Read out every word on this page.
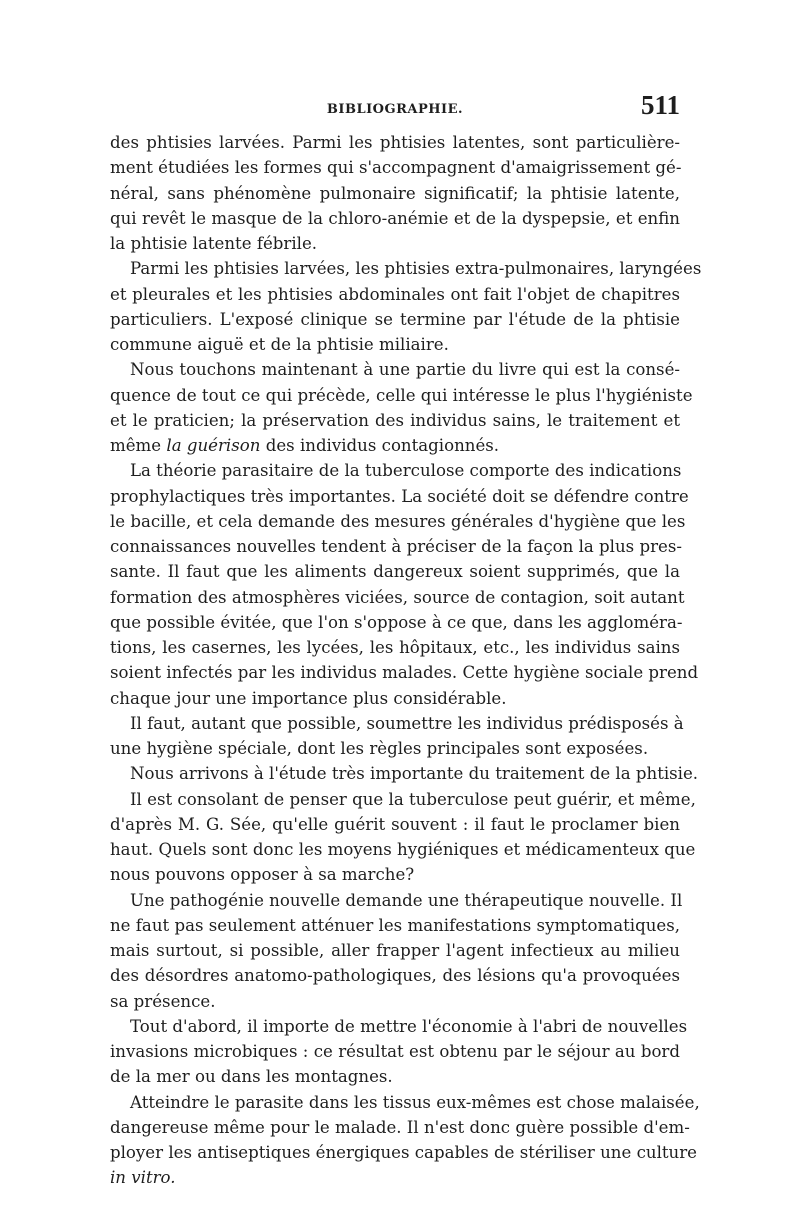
BIBLIOGRAPHIE.	511
des phtisies larvées. Parmi les phtisies latentes, sont particulière-
ment étudiées les formes qui s'accompagnent d'amaigrissement gé-
néral, sans phénomène pulmonaire significatif; la phtisie latente,
qui revêt le masque de la chloro-anémie et de la dyspepsie, et enfin
la phtisie latente fébrile.
Parmi les phtisies larvées, les phtisies extra-pulmonaires, laryngées
et pleurales et les phtisies abdominales ont fait l'objet de chapitres
particuliers. L'exposé clinique se termine par l'étude de la phtisie
commune aiguë et de la phtisie miliaire.
Nous touchons maintenant à une partie du livre qui est la consé-
quence de tout ce qui précède, celle qui intéresse le plus l'hygiéniste
et le praticien; la préservation des individus sains, le traitement et
même la guérison des individus contagionnés.
La théorie parasitaire de la tuberculose comporte des indications
prophylactiques très importantes. La société doit se défendre contre
le bacille, et cela demande des mesures générales d'hygiène que les
connaissances nouvelles tendent à préciser de la façon la plus pres-
sante. Il faut que les aliments dangereux soient supprimés, que la
formation des atmosphères viciées, source de contagion, soit autant
que possible évitée, que l'on s'oppose à ce que, dans les aggloméra-
tions, les casernes, les lycées, les hôpitaux, etc., les individus sains
soient infectés par les individus malades. Cette hygiène sociale prend
chaque jour une importance plus considérable.
Il faut, autant que possible, soumettre les individus prédisposés à
une hygiène spéciale, dont les règles principales sont exposées.
Nous arrivons à l'étude très importante du traitement de la phtisie.
Il est consolant de penser que la tuberculose peut guérir, et même,
d'après M. G. Sée, qu'elle guérit souvent : il faut le proclamer bien
haut. Quels sont donc les moyens hygiéniques et médicamenteux que
nous pouvons opposer à sa marche?
Une pathogénie nouvelle demande une thérapeutique nouvelle. Il
ne faut pas seulement atténuer les manifestations symptomatiques,
mais surtout, si possible, aller frapper l'agent infectieux au milieu
des désordres anatomo-pathologiques, des lésions qu'a provoquées
sa présence.
Tout d'abord, il importe de mettre l'économie à l'abri de nouvelles
invasions microbiques : ce résultat est obtenu par le séjour au bord
de la mer ou dans les montagnes.
Atteindre le parasite dans les tissus eux-mêmes est chose malaisée,
dangereuse même pour le malade. Il n'est donc guère possible d'em-
ployer les antiseptiques énergiques capables de stériliser une culture
in vitro.
